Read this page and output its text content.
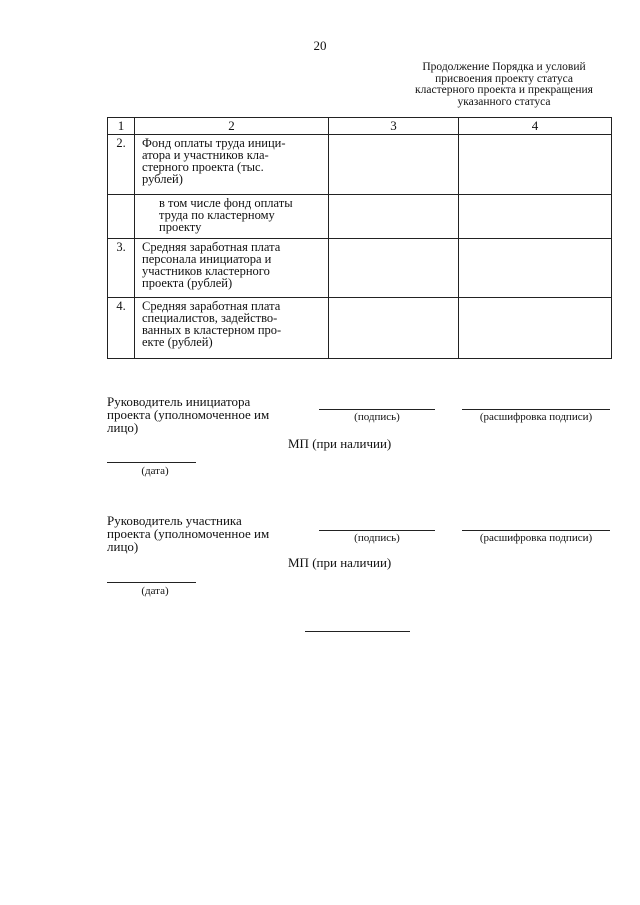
20
Продолжение Порядка и условий
присвоения проекту статуса
кластерного проекта и прекращения
указанного статуса
1	2	3	4
2.	Фонд оплаты труда иници-
атора и участников кла-
стерного проекта (тыс.
рублей)		

	в том числе фонд оплаты
труда по кластерному
проекту		

3.	Средняя заработная плата
персонала инициатора и
участников кластерного
проекта (рублей)		

4.	Средняя заработная плата
специалистов, задейство-
ванных в кластерном про-
екте (рублей)		

Руководитель инициатора
проекта (уполномоченное им
лицо)
(подпись)	(расшифровка подписи)
МП (при наличии)
(дата)
Руководитель участника
проекта (уполномоченное им
лицо)
(подпись)	(расшифровка подписи)
МП (при наличии)
(дата)
